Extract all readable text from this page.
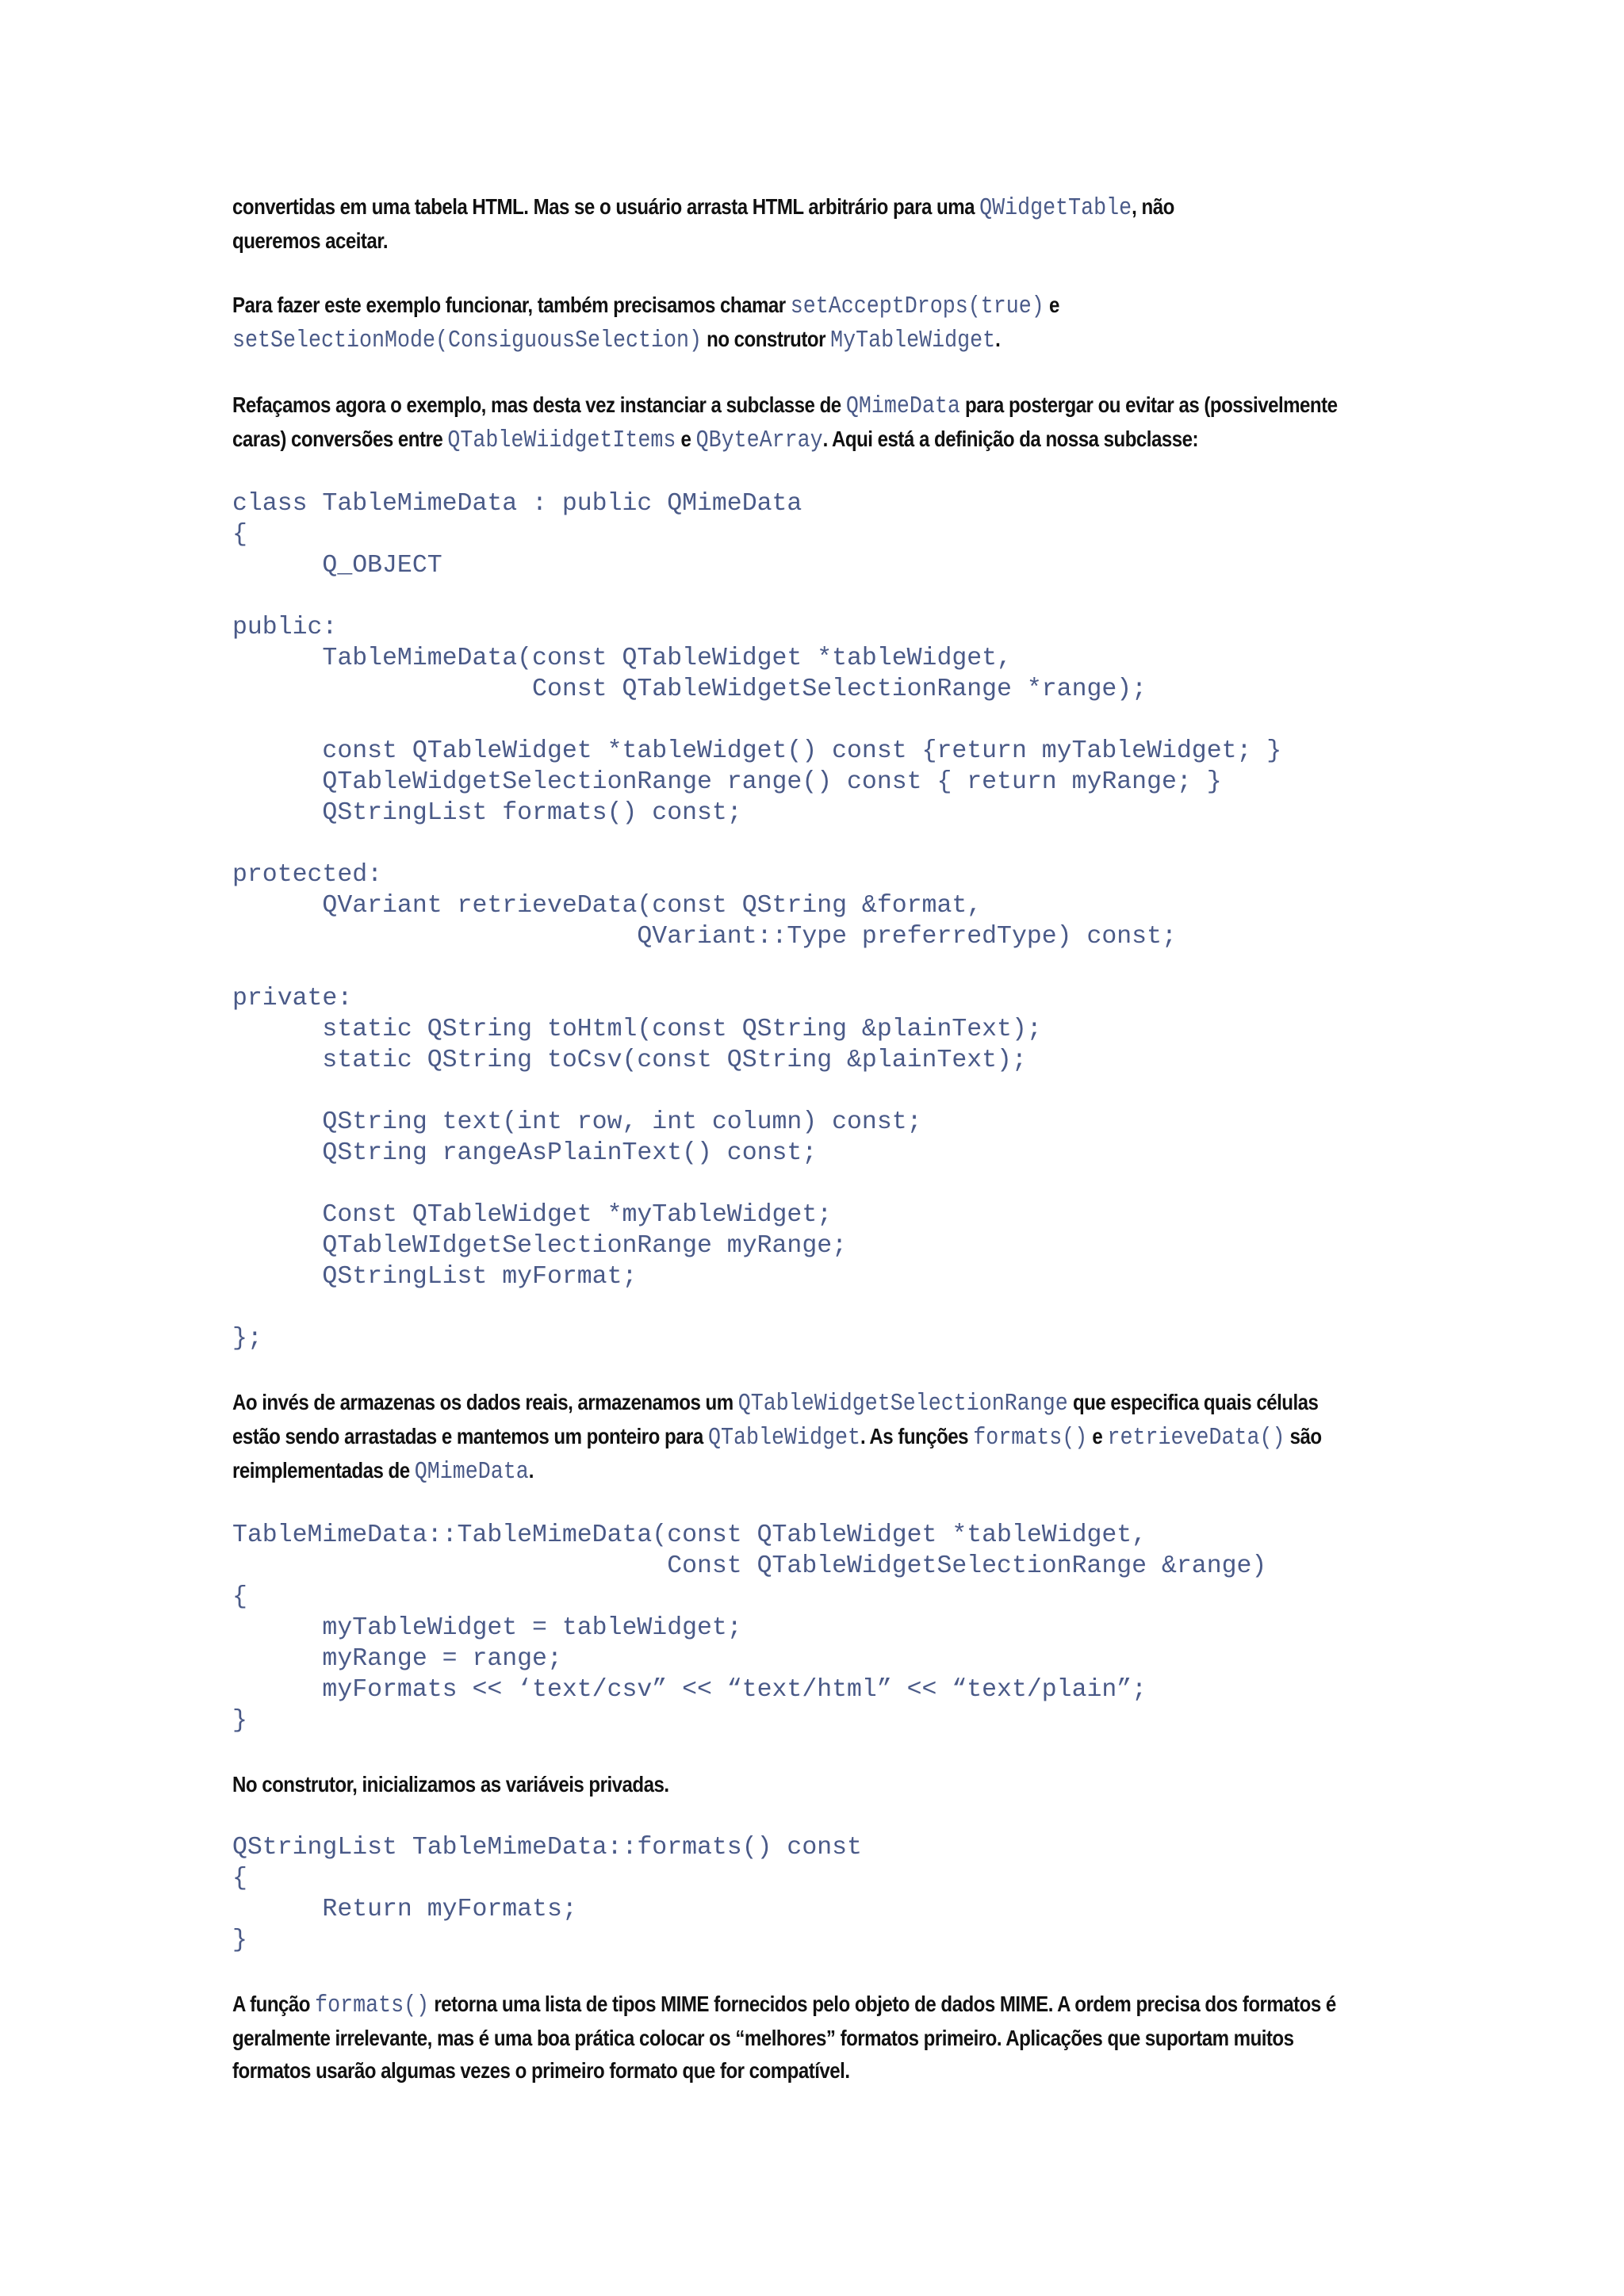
convertidas em uma tabela HTML. Mas se o usuário arrasta HTML arbitrário para uma QWidgetTable, não queremos aceitar.

Para fazer este exemplo funcionar, também precisamos chamar setAcceptDrops(true) e setSelectionMode(ConsiguousSelection) no construtor MyTableWidget.

Refaçamos agora o exemplo, mas desta vez instanciar a subclasse de QMimeData para postergar ou evitar as (possivelmente caras) conversões entre QTableWiidgetItems e QByteArray. Aqui está a definição da nossa subclasse:

class TableMimeData : public QMimeData
{
Q_OBJECT

public:
TableMimeData(const QTableWidget *tableWidget,
Const QTableWidgetSelectionRange *range);

const QTableWidget *tableWidget() const {return myTableWidget; }
QTableWidgetSelectionRange range() const { return myRange; }
QStringList formats() const;

protected:
QVariant retrieveData(const QString &format,
QVariant::Type preferredType) const;

private:
static QString toHtml(const QString &plainText);
static QString toCsv(const QString &plainText);

QString text(int row, int column) const;
QString rangeAsPlainText() const;

Const QTableWidget *myTableWidget;
QTableWIdgetSelectionRange myRange;
QStringList myFormat;

};

Ao invés de armazenas os dados reais, armazenamos um QTableWidgetSelectionRange que especifica quais células estão sendo arrastadas e mantemos um ponteiro para QTableWidget. As funções formats() e retrieveData() são reimplementadas de QMimeData.

TableMimeData::TableMimeData(const QTableWidget *tableWidget,
Const QTableWidgetSelectionRange &range)
{
myTableWidget = tableWidget;
myRange = range;
myFormats << ‘text/csv” << “text/html” << “text/plain”;
}

No construtor, inicializamos as variáveis privadas.

QStringList TableMimeData::formats() const
{
Return myFormats;
}

A função formats() retorna uma lista de tipos MIME fornecidos pelo objeto de dados MIME. A ordem precisa dos formatos é geralmente irrelevante, mas é uma boa prática colocar os “melhores” formatos primeiro. Aplicações que suportam muitos formatos usarão algumas vezes o primeiro formato que for compatível.
